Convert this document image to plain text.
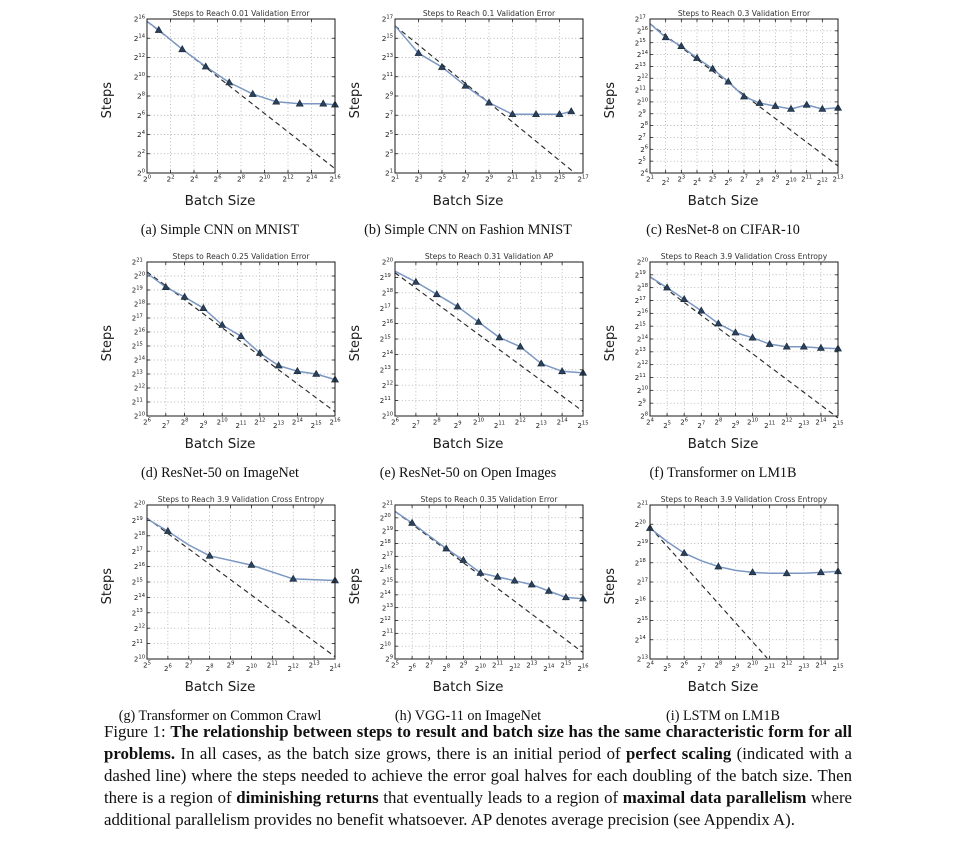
Steps
$2^0$ $2^2$ $2^4$ $2^6$ $2^8$ $2^{10}$ $2^{12}$ $2^{14}$ $2^{16}$
$2^0$
$2^2$
$2^4$
$2^6$
$2^8$
$2^{10}$
$2^{12}$
$2^{14}$
$2^{16}$	Steps to Reach 0.01 Validation Error
Batch Size
(a) Simple CNN on MNIST
Steps
$2^1$ $2^3$ $2^5$ $2^7$ $2^9$ $2^{11}$ $2^{13}$ $2^{15}$ $2^{17}$
$2^1$
$2^3$
$2^5$
$2^7$
$2^9$
$2^{11}$
$2^{13}$
$2^{15}$
$2^{17}$	Steps to Reach 0.1 Validation Error
Batch Size
(b) Simple CNN on Fashion MNIST
Steps
$2^1$
$2^2$ $2^3$
$2^4$ $2^5$
$2^6$ $2^7$
$2^8$ $2^9$
$2^{10}$ $2^{11}$
$2^{12}$ $2^{13}$
$2^4$
$2^5$
$2^6$
$2^7$
$2^8$
$2^9$
$2^{10}$
$2^{11}$
$2^{12}$
$2^{13}$
$2^{14}$
$2^{15}$
$2^{16}$
$2^{17}$	Steps to Reach 0.3 Validation Error
Batch Size
(c) ResNet-8 on CIFAR-10
Steps
$2^6$
$2^7$ $2^8$
$2^9$ $2^{10}$
$2^{11}$ $2^{12}$
$2^{13}$ $2^{14}$
$2^{15}$ $2^{16}$
$2^{10}$
$2^{11}$
$2^{12}$
$2^{13}$
$2^{14}$
$2^{15}$
$2^{16}$
$2^{17}$
$2^{18}$
$2^{19}$
$2^{20}$
$2^{21}$	Steps to Reach 0.25 Validation Error
Batch Size
(d) ResNet-50 on ImageNet
Steps
$2^6$
$2^7$ $2^8$
$2^9$ $2^{10}$
$2^{11}$ $2^{12}$
$2^{13}$ $2^{14}$
$2^{15}$
$2^{10}$
$2^{11}$
$2^{12}$
$2^{13}$
$2^{14}$
$2^{15}$
$2^{16}$
$2^{17}$
$2^{18}$
$2^{19}$
$2^{20}$	Steps to Reach 0.31 Validation AP
Batch Size
(e) ResNet-50 on Open Images
Steps
$2^4$
$2^5$ $2^6$
$2^7$ $2^8$
$2^9$ $2^{10}$
$2^{11}$ $2^{12}$
$2^{13}$ $2^{14}$
$2^{15}$
$2^8$
$2^9$
$2^{10}$
$2^{11}$
$2^{12}$
$2^{13}$
$2^{14}$
$2^{15}$
$2^{16}$
$2^{17}$
$2^{18}$
$2^{19}$
$2^{20}$ Steps to Reach 3.9 Validation Cross Entropy
Batch Size
(f) Transformer on LM1B
Steps
$2^5$
$2^6$ $2^7$
$2^8$ $2^9$
$2^{10}$ $2^{11}$
$2^{12}$ $2^{13}$
$2^{14}$
$2^{10}$
$2^{11}$
$2^{12}$
$2^{13}$
$2^{14}$
$2^{15}$
$2^{16}$
$2^{17}$
$2^{18}$
$2^{19}$
$2^{20}$ Steps to Reach 3.9 Validation Cross Entropy
Batch Size
(g) Transformer on Common Crawl
Steps
$2^5$
$2^6$ $2^7$
$2^8$ $2^9$
$2^{10}$ $2^{11}$
$2^{12}$ $2^{13}$
$2^{14}$ $2^{15}$
$2^{16}$
$2^9$
$2^{10}$
$2^{11}$
$2^{12}$
$2^{13}$
$2^{14}$
$2^{15}$
$2^{16}$
$2^{17}$
$2^{18}$
$2^{19}$
$2^{20}$
$2^{21}$	Steps to Reach 0.35 Validation Error
Batch Size
(h) VGG-11 on ImageNet
Steps
$2^4$
$2^5$ $2^6$
$2^7$ $2^8$
$2^9$ $2^{10}$
$2^{11}$ $2^{12}$
$2^{13}$ $2^{14}$
$2^{15}$
$2^{13}$
$2^{14}$
$2^{15}$
$2^{16}$
$2^{17}$
$2^{18}$
$2^{19}$
$2^{20}$
$2^{21}$ Steps to Reach 3.9 Validation Cross Entropy
Batch Size
(i) LSTM on LM1B

Figure 1: The relationship between steps to result and batch size has the same characteristic form for all problems. In all cases, as the batch size grows, there is an initial period of perfect scaling (indicated with a dashed line) where the steps needed to achieve the error goal halves for each doubling of the batch size. Then there is a region of diminishing returns that eventually leads to a region of maximal data parallelism where additional parallelism provides no benefit whatsoever. AP denotes average precision (see Appendix A).
